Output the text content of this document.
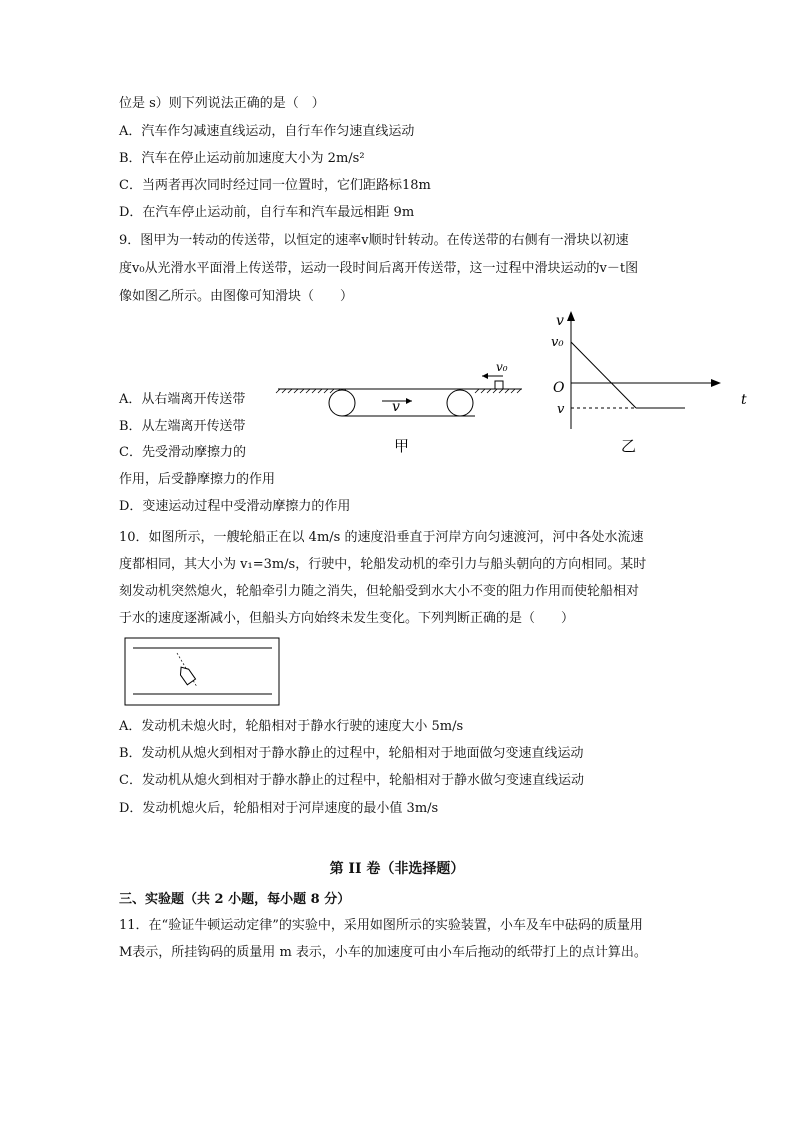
位是 s）则下列说法正确的是（　）
A．汽车作匀减速直线运动，自行车作匀速直线运动
B．汽车在停止运动前加速度大小为 2m/s²
C．当两者再次同时经过同一位置时，它们距路标18m
D．在汽车停止运动前，自行车和汽车最远相距 9m
9．图甲为一转动的传送带，以恒定的速率v顺时针转动。在传送带的右侧有一滑块以初速
度v₀从光滑水平面滑上传送带，运动一段时间后离开传送带，这一过程中滑块运动的v－t图
像如图乙所示。由图像可知滑块（　　）
A．从右端离开传送带
B．从左端离开传送带
C．先受滑动摩擦力的
作用，后受静摩擦力的作用
D．变速运动过程中受滑动摩擦力的作用
v
v₀
甲
v
t
v₀
O
v
乙
10．如图所示，一艘轮船正在以 4m/s 的速度沿垂直于河岸方向匀速渡河，河中各处水流速
度都相同，其大小为 v₁=3m/s，行驶中，轮船发动机的牵引力与船头朝向的方向相同。某时
刻发动机突然熄火，轮船牵引力随之消失，但轮船受到水大小不变的阻力作用而使轮船相对
于水的速度逐渐减小，但船头方向始终未发生变化。下列判断正确的是（　　）
A．发动机未熄火时，轮船相对于静水行驶的速度大小 5m/s
B．发动机从熄火到相对于静水静止的过程中，轮船相对于地面做匀变速直线运动
C．发动机从熄火到相对于静水静止的过程中，轮船相对于静水做匀变速直线运动
D．发动机熄火后，轮船相对于河岸速度的最小值 3m/s
第 II 卷（非选择题）
三、实验题（共 2 小题，每小题 8 分）
11．在“验证牛顿运动定律”的实验中，采用如图所示的实验装置，小车及车中砝码的质量用
M表示，所挂钩码的质量用 m 表示，小车的加速度可由小车后拖动的纸带打上的点计算出。
